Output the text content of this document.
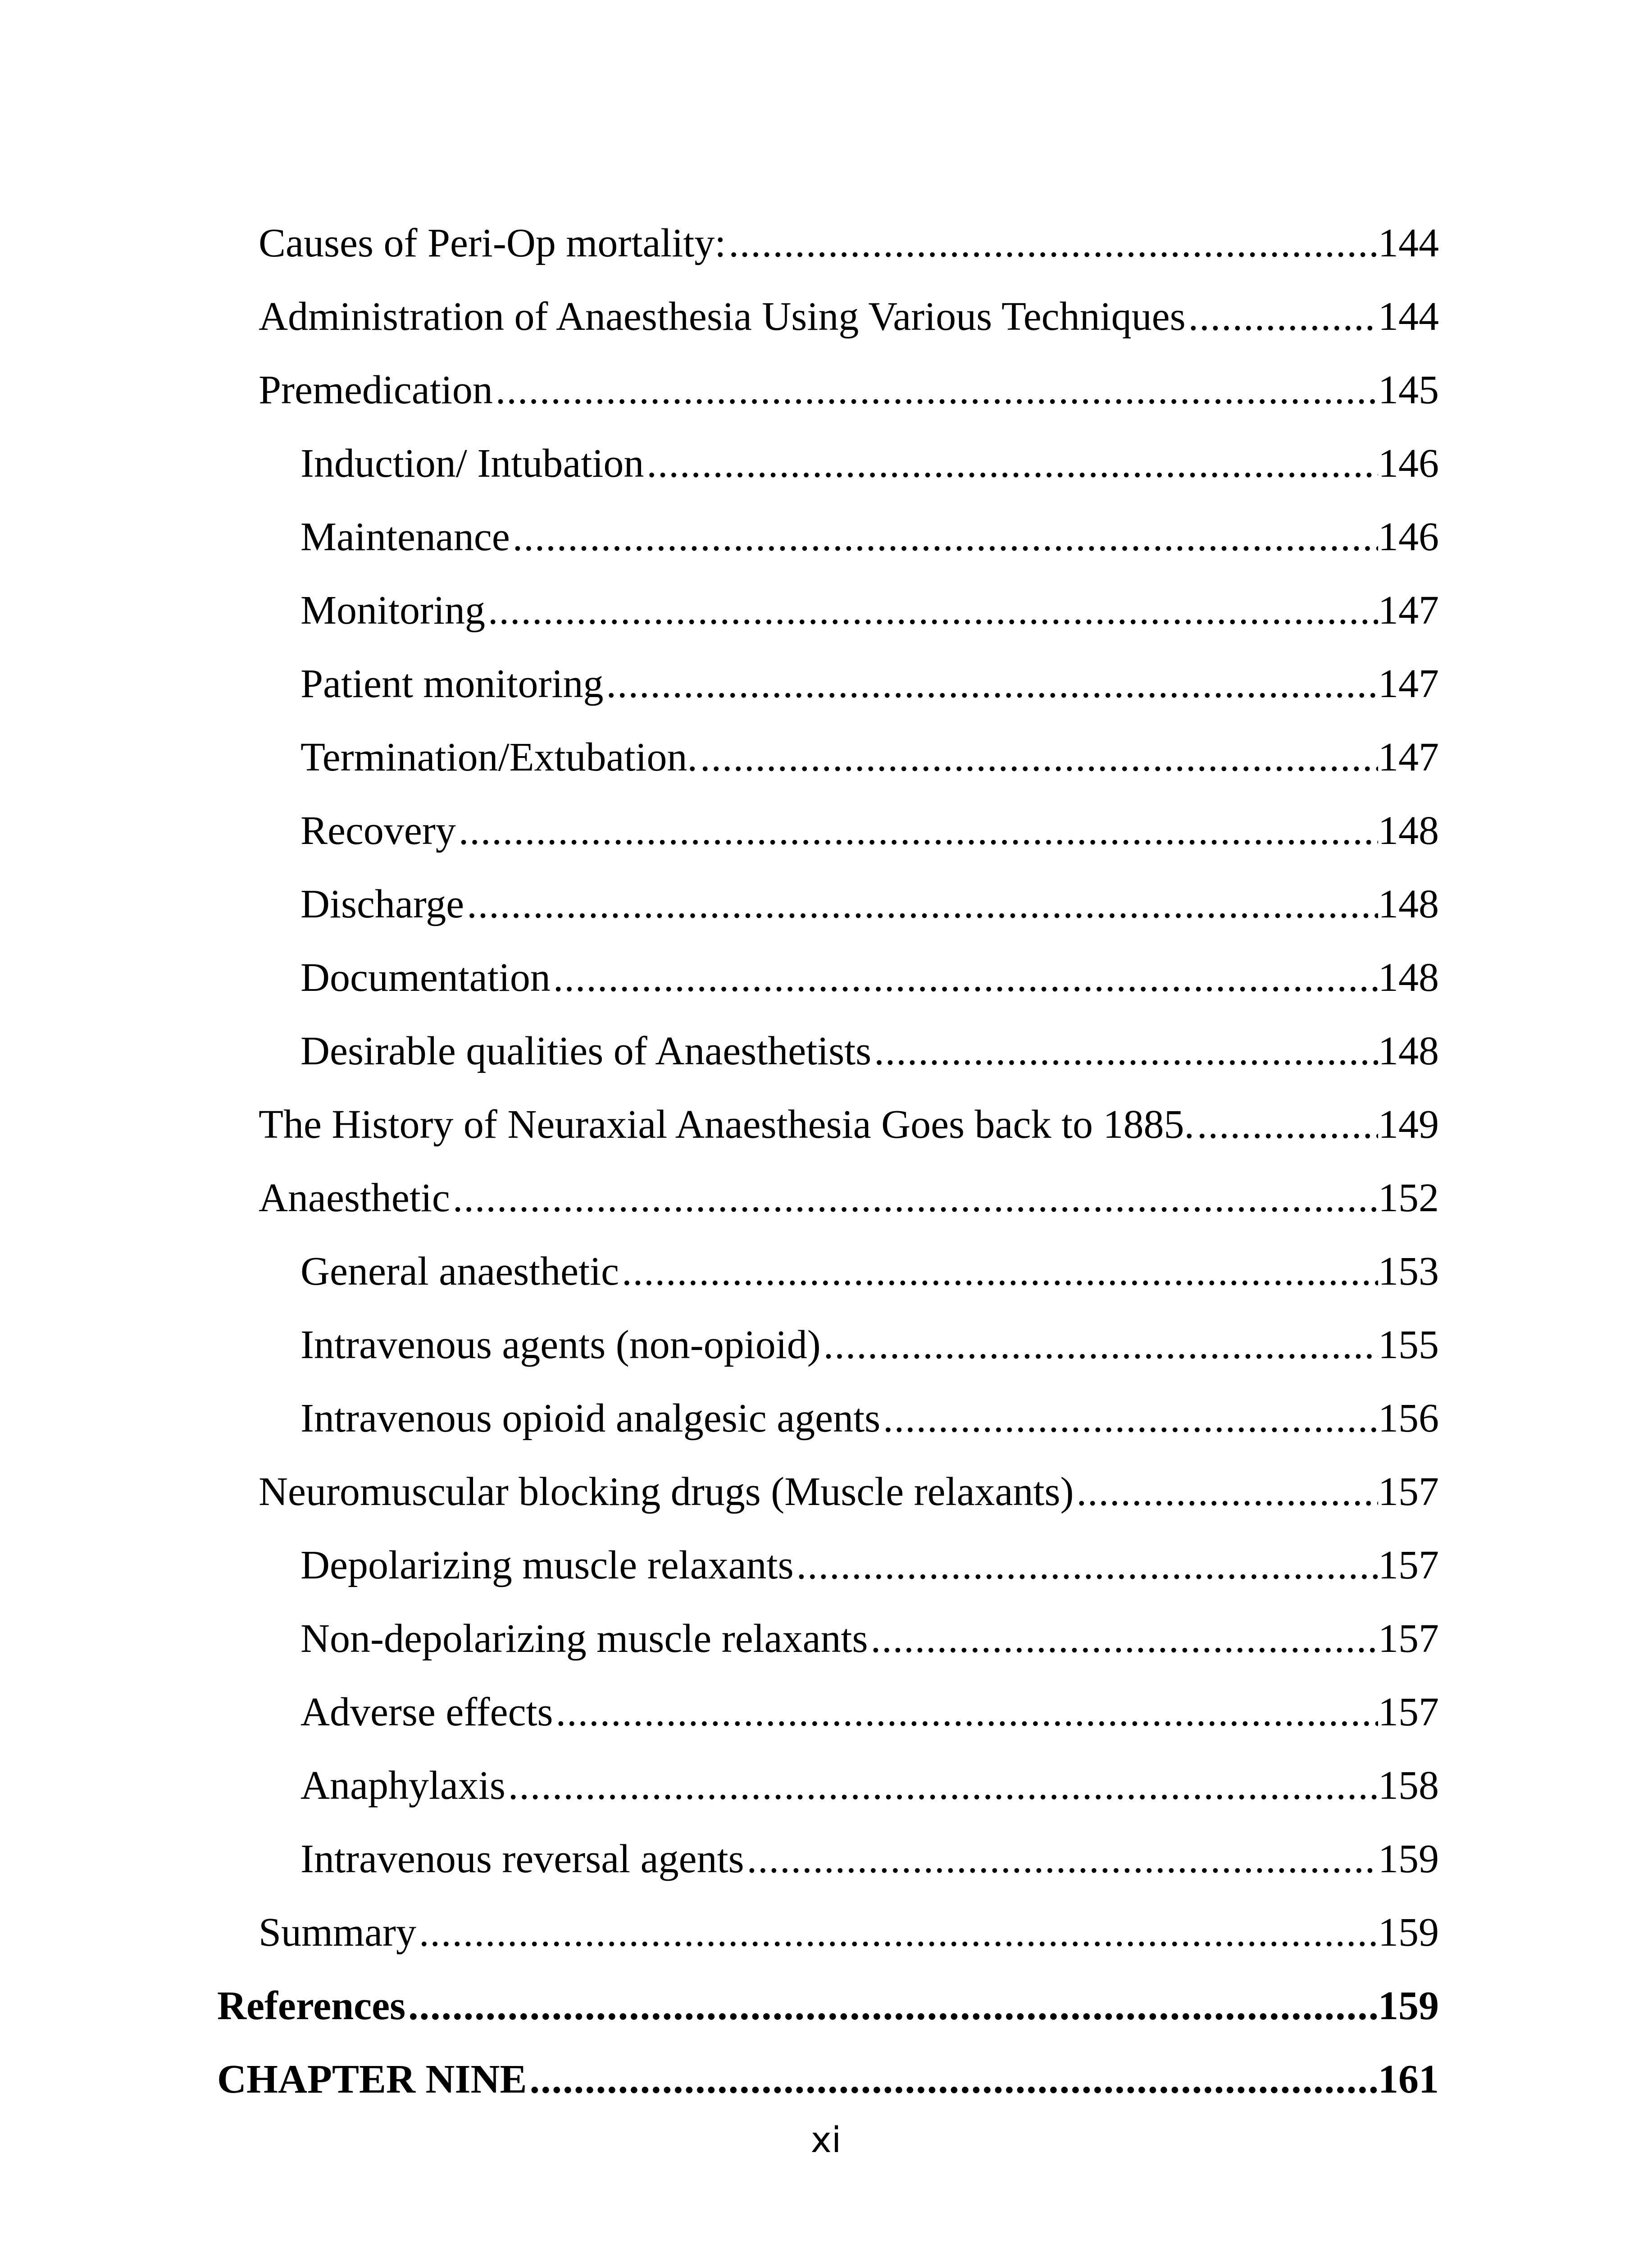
Causes of Peri-Op mortality: .....	144
Administration of Anaesthesia Using Various Techniques .....	144
Premedication .....	145
Induction/ Intubation .....	146
Maintenance .....	146
Monitoring .....	147
Patient monitoring .....	147
Termination/Extubation. .....	147
Recovery .....	148
Discharge .....	148
Documentation .....	148
Desirable qualities of Anaesthetists .....	148
The History of Neuraxial Anaesthesia Goes back to 1885. .....	149
Anaesthetic .....	152
General anaesthetic .....	153
Intravenous agents (non-opioid) .....	155
Intravenous opioid analgesic agents .....	156
Neuromuscular blocking drugs (Muscle relaxants) .....	157
Depolarizing muscle relaxants .....	157
Non-depolarizing muscle relaxants .....	157
Adverse effects .....	157
Anaphylaxis .....	158
Intravenous reversal agents .....	159
Summary .....	159
References .....	159
CHAPTER NINE .....	161
xi
